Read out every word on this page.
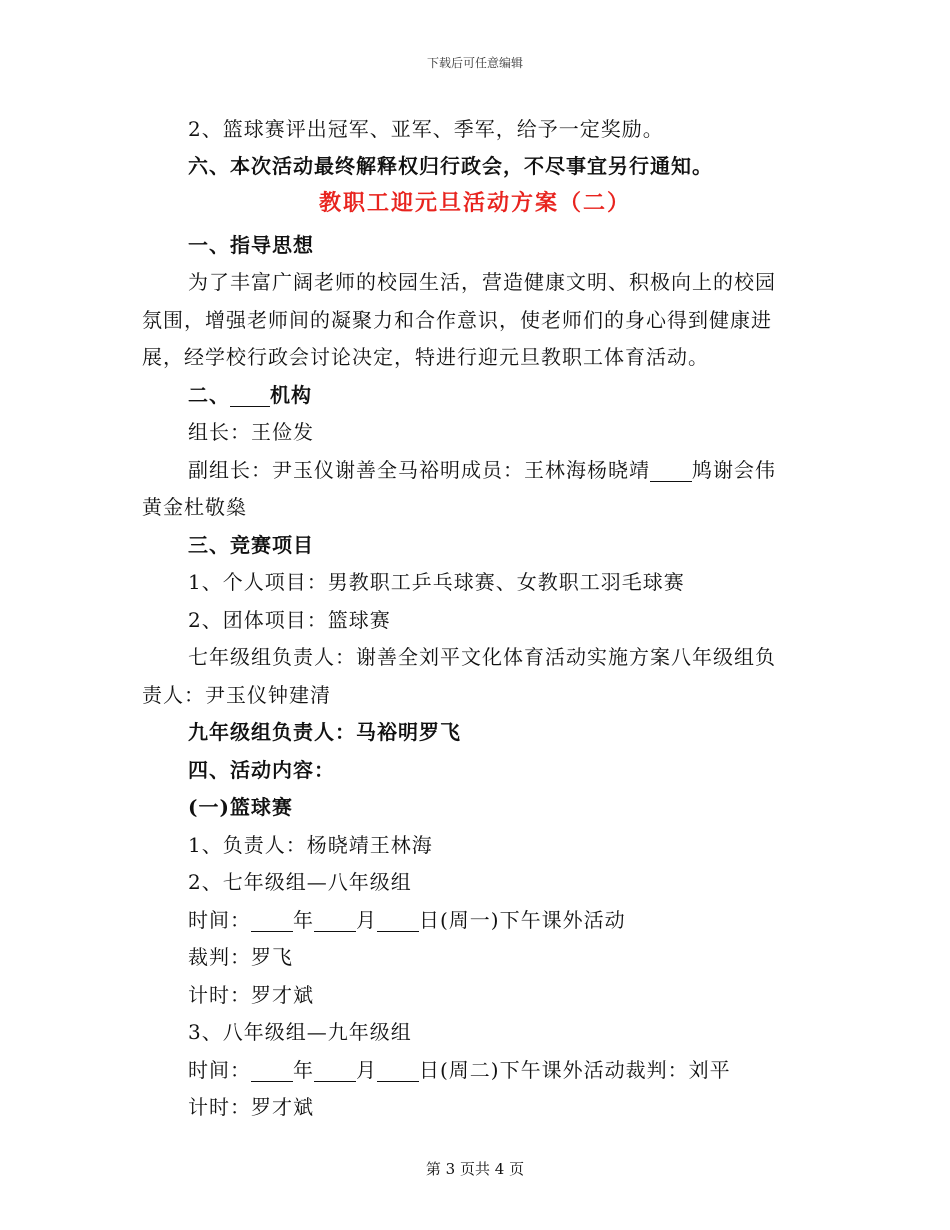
下载后可任意编辑
2、篮球赛评出冠军、亚军、季军，给予一定奖励。
六、本次活动最终解释权归行政会，不尽事宜另行通知。
教职工迎元旦活动方案（二）
一、指导思想
为了丰富广阔老师的校园生活，营造健康文明、积极向上的校园
氛围，增强老师间的凝聚力和合作意识，使老师们的身心得到健康进
展，经学校行政会讨论决定，特进行迎元旦教职工体育活动。
二、 机构
组长：王俭发
副组长：尹玉仪谢善全马裕明成员：王林海杨晓靖 鸠谢会伟
黄金杜敬燊
三、竞赛项目
1、个人项目：男教职工乒乓球赛、女教职工羽毛球赛
2、团体项目：篮球赛
七年级组负责人：谢善全刘平文化体育活动实施方案八年级组负
责人：尹玉仪钟建清
九年级组负责人：马裕明罗飞
四、活动内容：
(一)篮球赛
1、负责人：杨晓靖王林海
2、七年级组—八年级组
时间： 年 月 日(周一)下午课外活动
裁判：罗飞
计时：罗才斌
3、八年级组—九年级组
时间： 年 月 日(周二)下午课外活动裁判：刘平
计时：罗才斌
第 3 页共 4 页
